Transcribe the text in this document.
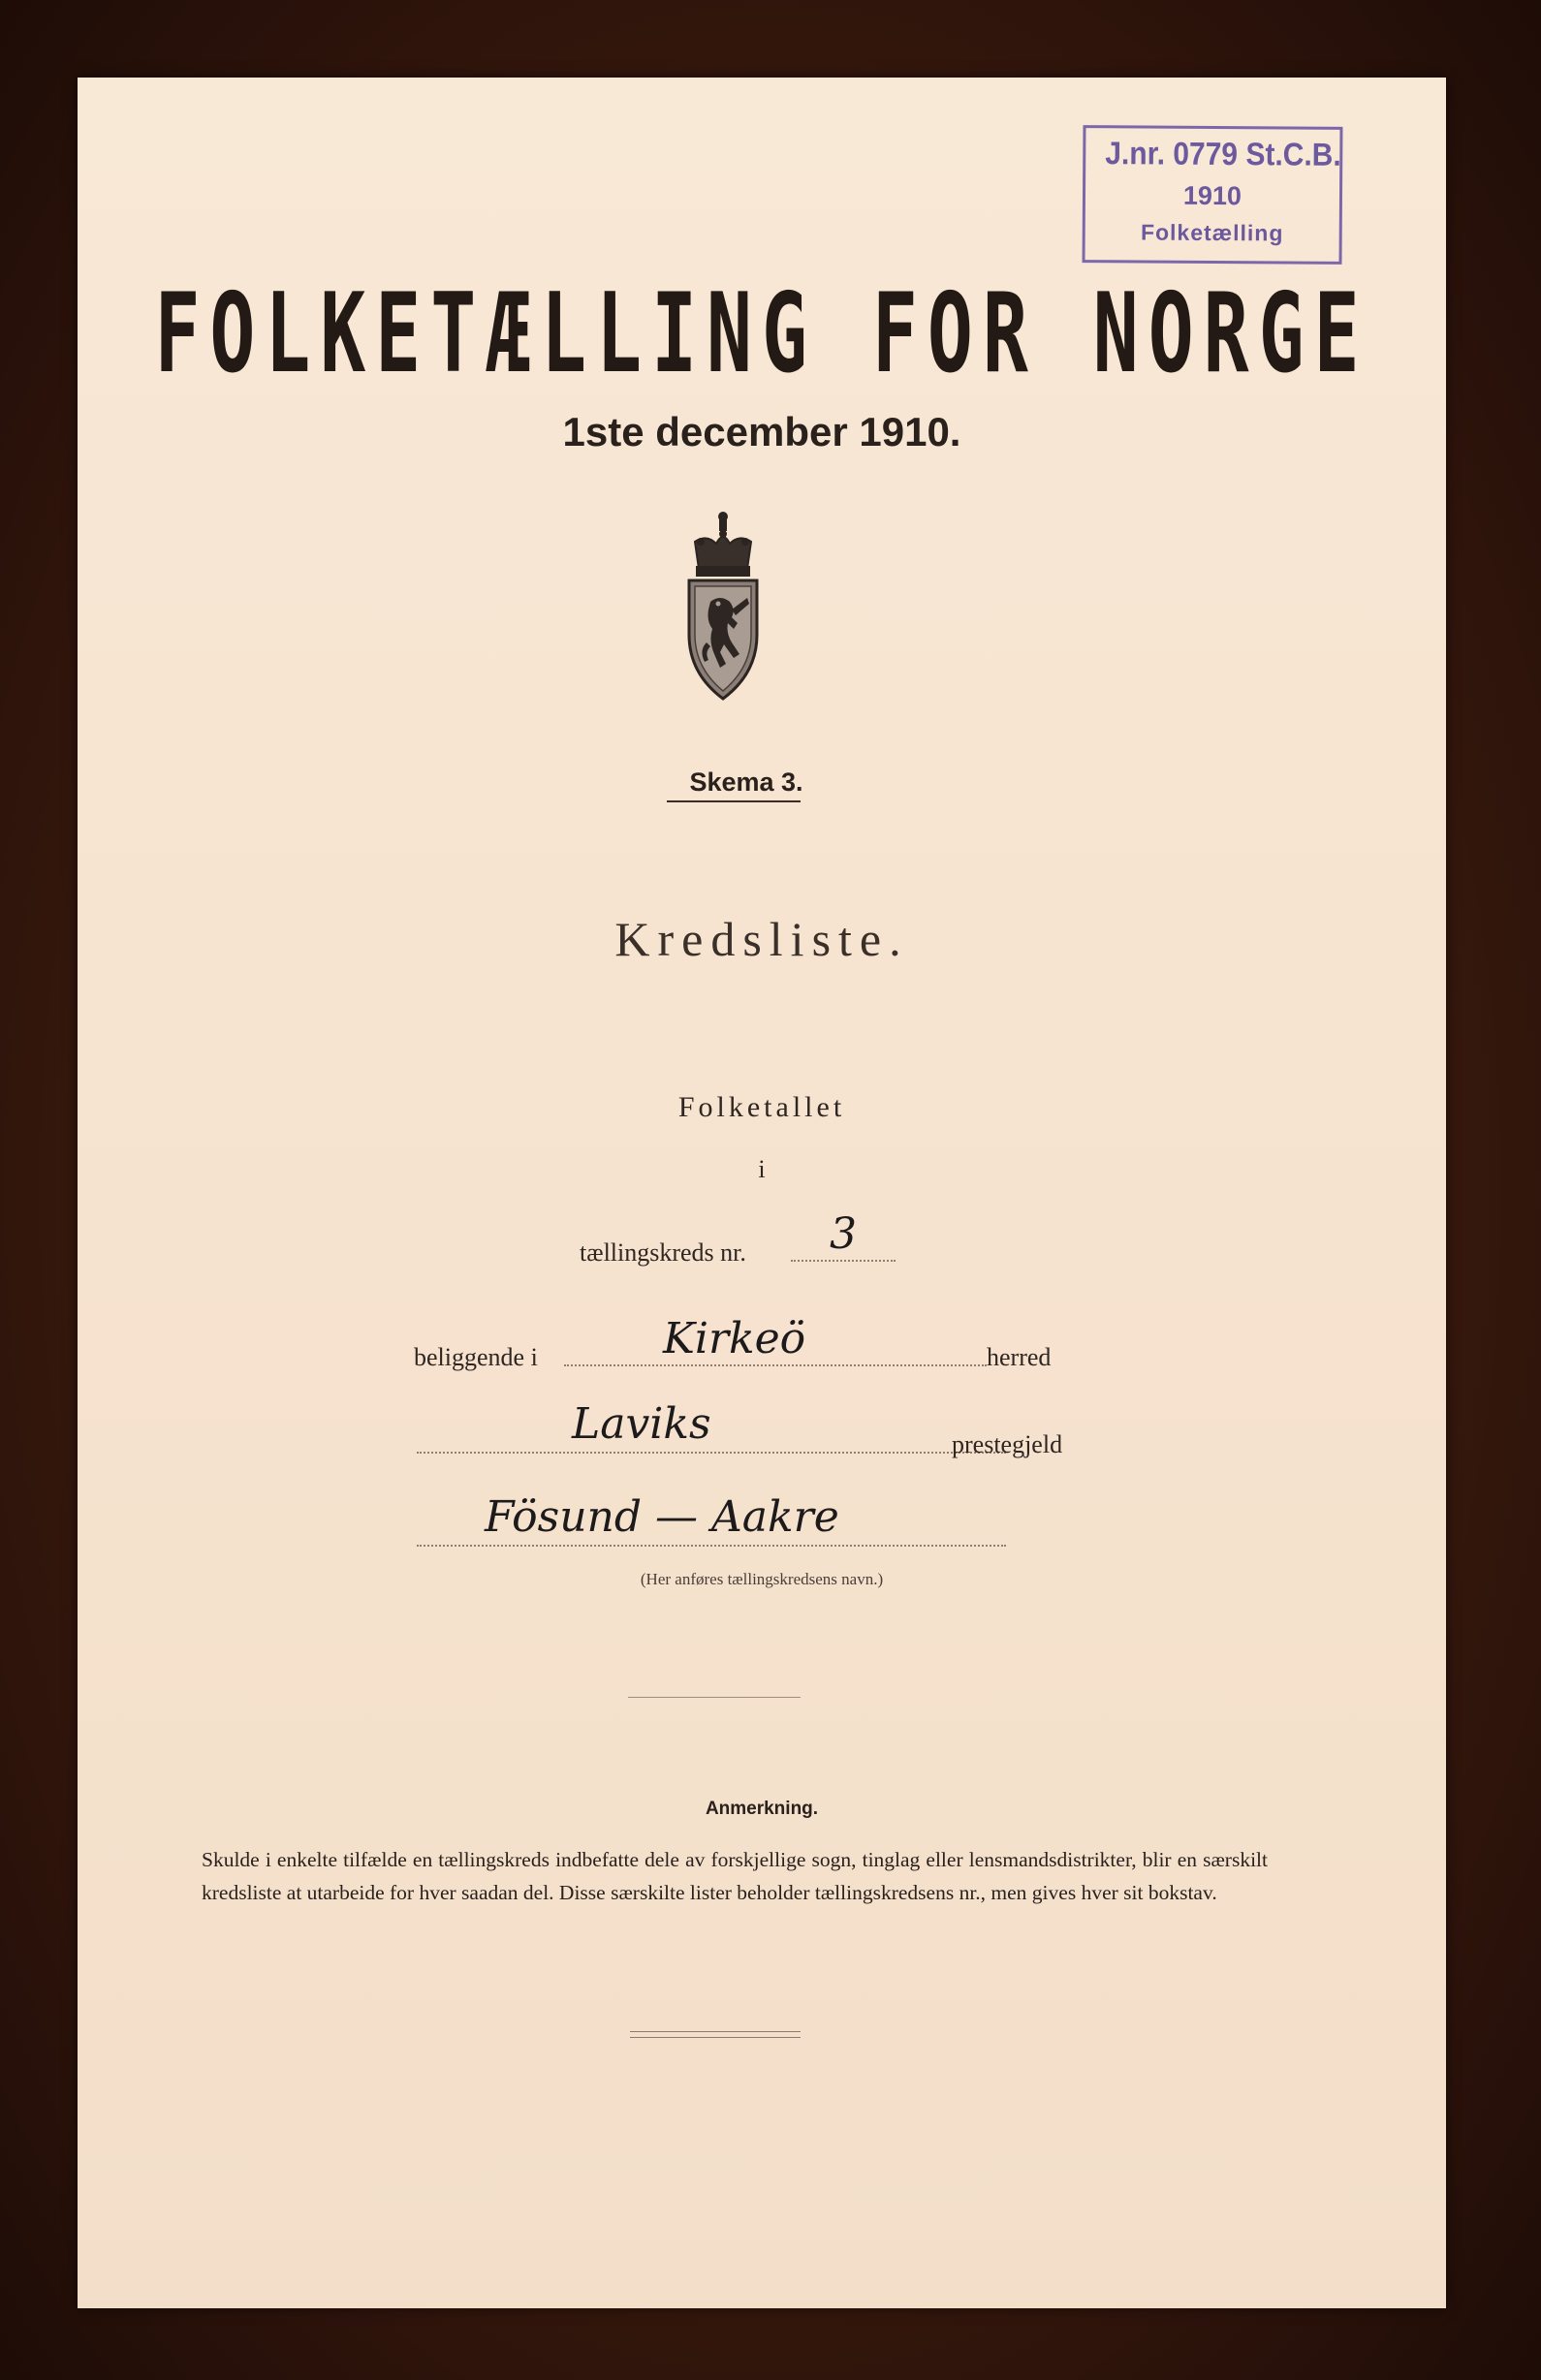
J.nr. 0779 St.C.B.
1910
Folketælling
FOLKETÆLLING FOR NORGE
1ste december 1910.
Skema 3.
Kredsliste.
Folketallet
i
tællingskreds nr. 3
beliggende i	Kirkeö	herred
Laviks	prestegjeld
Fösund — Aakre
(Her anføres tællingskredsens navn.)
Anmerkning.
Skulde i enkelte tilfælde en tællingskreds indbefatte dele av forskjellige sogn, tinglag eller lensmandsdistrikter, blir en særskilt kredsliste at utarbeide for hver saadan del. Disse særskilte lister beholder tællingskredsens nr., men gives hver sit bokstav.
